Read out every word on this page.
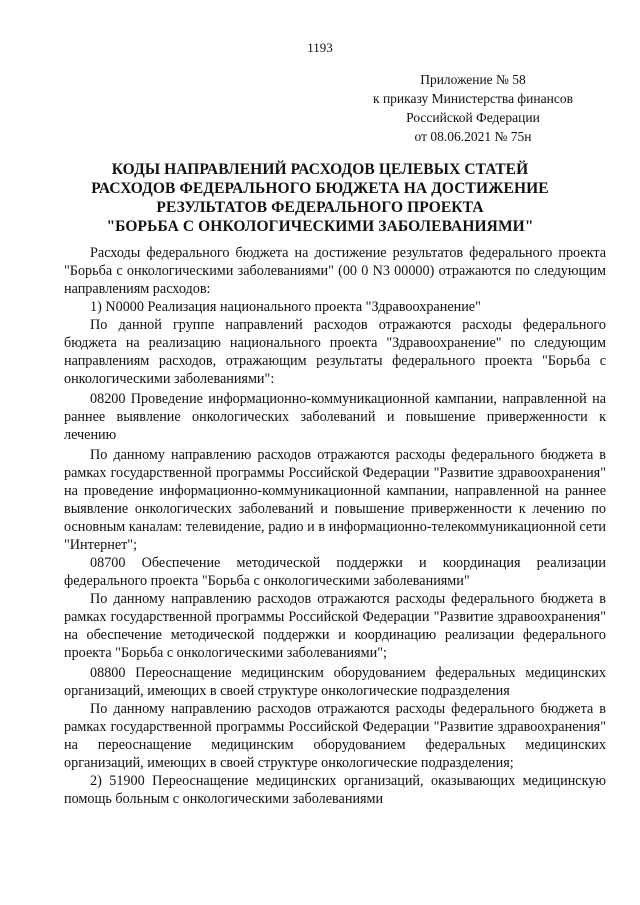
1193
Приложение № 58
к приказу Министерства финансов
Российской Федерации
от 08.06.2021 № 75н
КОДЫ НАПРАВЛЕНИЙ РАСХОДОВ ЦЕЛЕВЫХ СТАТЕЙ
РАСХОДОВ ФЕДЕРАЛЬНОГО БЮДЖЕТА НА ДОСТИЖЕНИЕ
РЕЗУЛЬТАТОВ ФЕДЕРАЛЬНОГО ПРОЕКТА
"БОРЬБА С ОНКОЛОГИЧЕСКИМИ ЗАБОЛЕВАНИЯМИ"

Расходы федерального бюджета на достижение результатов федерального проекта "Борьба с онкологическими заболеваниями" (00 0 N3 00000) отражаются по следующим направлениям расходов:

1) N0000 Реализация национального проекта "Здравоохранение"

По данной группе направлений расходов отражаются расходы федерального бюджета на реализацию национального проекта "Здравоохранение" по следующим направлениям расходов, отражающим результаты федерального проекта "Борьба с онкологическими заболеваниями":

08200 Проведение информационно-коммуникационной кампании, направленной на раннее выявление онкологических заболеваний и повышение приверженности к лечению

По данному направлению расходов отражаются расходы федерального бюджета в рамках государственной программы Российской Федерации "Развитие здравоохранения" на проведение информационно-коммуникационной кампании, направленной на раннее выявление онкологических заболеваний и повышение приверженности к лечению по основным каналам: телевидение, радио и в информационно-телекоммуникационной сети "Интернет";

08700 Обеспечение методической поддержки и координация реализации федерального проекта "Борьба с онкологическими заболеваниями"

По данному направлению расходов отражаются расходы федерального бюджета в рамках государственной программы Российской Федерации "Развитие здравоохранения" на обеспечение методической поддержки и координацию реализации федерального проекта "Борьба с онкологическими заболеваниями";

08800 Переоснащение медицинским оборудованием федеральных медицинских организаций, имеющих в своей структуре онкологические подразделения

По данному направлению расходов отражаются расходы федерального бюджета в рамках государственной программы Российской Федерации "Развитие здравоохранения" на переоснащение медицинским оборудованием федеральных медицинских организаций, имеющих в своей структуре онкологические подразделения;

2) 51900 Переоснащение медицинских организаций, оказывающих медицинскую помощь больным с онкологическими заболеваниями
